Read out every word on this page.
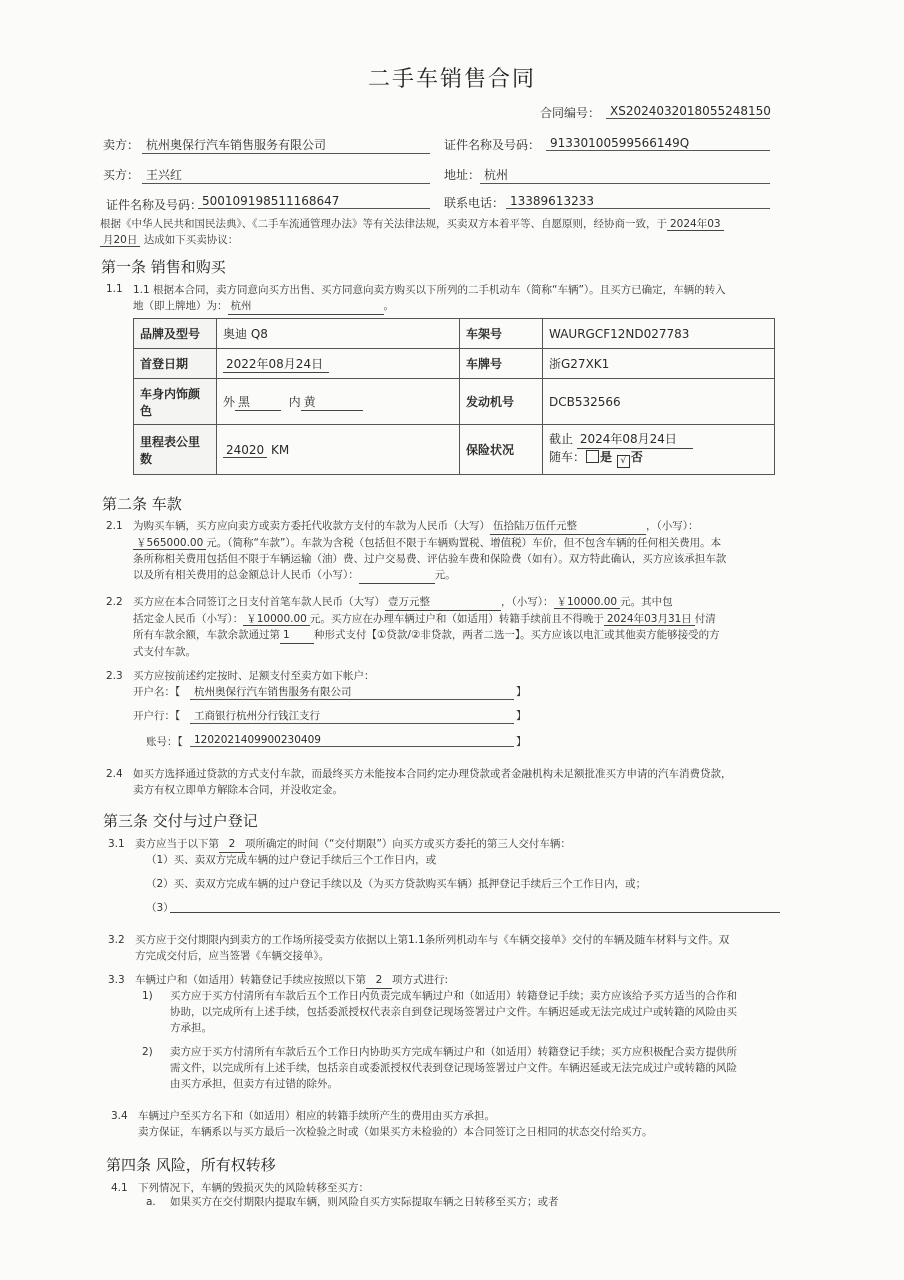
二手车销售合同
合同编号： XS2024032018055248150
卖方： 杭州奥保行汽车销售服务有限公司	证件名称及号码： 91330100599566149Q
买方： 王兴红	地址： 杭州
证件名称及号码： 500109198511168647	联系电话： 13389613233
根据《中华人民共和国民法典》、《二手车流通管理办法》等有关法律法规，买卖双方本着平等、自愿原则，经协商一致，于 2024年03
月20日 达成如下买卖协议：
第一条 销售和购买
1.1 1.1 根据本合同，卖方同意向买方出售、买方同意向卖方购买以下所列的二手机动车（简称“车辆”）。且买方已确定，车辆的转入
地（即上牌地）为： 杭州	。
品牌及型号	奥迪 Q8	车架号	WAURGCF12ND027783
首登日期	2022年08月24日	车牌号	浙G27XK1
车身内饰颜色	外 黑 内 黄	发动机号	DCB532566
里程表公里数	24020 KM	保险状况	截止 2024年08月24日
随车： 是 √ 否
第二条 车款
2.1 为购买车辆，买方应向卖方或卖方委托代收款方支付的车款为人民币（大写） 伍拾陆万伍仟元整	，（小写）：
￥565000.00 元。（简称“车款”）。车款为含税（包括但不限于车辆购置税、增值税）车价，但不包含车辆的任何相关费用。本
条所称相关费用包括但不限于车辆运输（油）费、过户交易费、评估验车费和保险费（如有）。双方特此确认，买方应该承担车款
以及所有相关费用的总金额总计人民币（小写）：	元。
2.2 买方应在本合同签订之日支付首笔车款人民币（大写） 壹万元整	，（小写）： ￥10000.00 元。其中包
括定金人民币（小写）： ￥10000.00 元。买方应在办理车辆过户和（如适用）转籍手续前且不得晚于 2024年03月31日 付清
所有车款余额，车款余款通过第 1 种形式支付【①贷款/②非贷款，两者二选一】。买方应该以电汇或其他卖方能够接受的方
式支付车款。
2.3 买方应按前述约定按时、足额支付至卖方如下帐户：
开户名：【	杭州奥保行汽车销售服务有限公司	】
开户行：【	工商银行杭州分行钱江支行	】
账号：【	1202021409900230409	】
2.4 如买方选择通过贷款的方式支付车款，而最终买方未能按本合同约定办理贷款或者金融机构未足额批准买方申请的汽车消费贷款，
卖方有权立即单方解除本合同，并没收定金。
第三条 交付与过户登记
3.1 卖方应当于以下第 2 项所确定的时间（“交付期限”）向买方或买方委托的第三人交付车辆：
（1）买、卖双方完成车辆的过户登记手续后三个工作日内，或
（2）买、卖双方完成车辆的过户登记手续以及（为买方贷款购买车辆）抵押登记手续后三个工作日内，或；
（3）
3.2 买方应于交付期限内到卖方的工作场所接受卖方依据以上第1.1条所列机动车与《车辆交接单》交付的车辆及随车材料与文件。双
方完成交付后，应当签署《车辆交接单》。
3.3 车辆过户和（如适用）转籍登记手续应按照以下第 2 项方式进行:
1) 买方应于买方付清所有车款后五个工作日内负责完成车辆过户和（如适用）转籍登记手续；卖方应该给予买方适当的合作和
协助，以完成所有上述手续，包括委派授权代表亲自到登记现场签署过户文件。车辆迟延或无法完成过户或转籍的风险由买
方承担。
2) 卖方应于买方付清所有车款后五个工作日内协助买方完成车辆过户和（如适用）转籍登记手续；买方应积极配合卖方提供所
需文件，以完成所有上述手续，包括亲自或委派授权代表到登记现场签署过户文件。车辆迟延或无法完成过户或转籍的风险
由买方承担，但卖方有过错的除外。
3.4 车辆过户至买方名下和（如适用）相应的转籍手续所产生的费用由买方承担。
卖方保证，车辆系以与买方最后一次检验之时或（如果买方未检验的）本合同签订之日相同的状态交付给买方。
第四条 风险，所有权转移
4.1 下列情况下，车辆的毁损灭失的风险转移至买方：
a. 如果买方在交付期限内提取车辆，则风险自买方实际提取车辆之日转移至买方；或者
